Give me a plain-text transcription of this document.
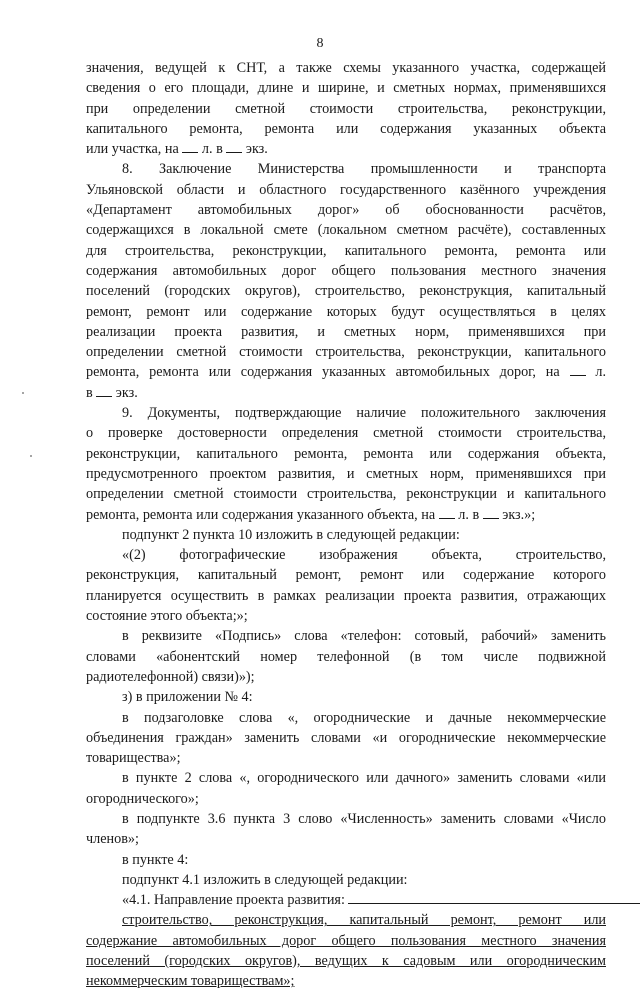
8

значения, ведущей к СНТ, а также схемы указанного участка, содержащей

сведения о его площади, длине и ширине, и сметных нормах, применявшихся

при определении сметной стоимости строительства, реконструкции,

капитального ремонта, ремонта или содержания указанных объекта

или участка, на  л. в экз.

8. Заключение Министерства промышленности и транспорта

Ульяновской области и областного государственного казённого учреждения

«Департамент автомобильных дорог» об обоснованности расчётов,

содержащихся в локальной смете (локальном сметном расчёте), составленных

для строительства, реконструкции, капитального ремонта, ремонта или

содержания автомобильных дорог общего пользования местного значения

поселений (городских округов), строительство, реконструкция, капитальный

ремонт, ремонт или содержание которых будут осуществляться в целях

реализации проекта развития, и сметных норм, применявшихся при

определении сметной стоимости строительства, реконструкции, капитального

ремонта, ремонта или содержания указанных автомобильных дорог, на	л.

в  экз.

9. Документы, подтверждающие наличие положительного заключения

о проверке достоверности определения сметной стоимости строительства,

реконструкции, капитального ремонта, ремонта или содержания объекта,

предусмотренного проектом развития, и сметных норм, применявшихся при

определении сметной стоимости строительства, реконструкции и капитального

ремонта, ремонта или содержания указанного объекта, на  л. в экз.»;

подпункт 2 пункта 10 изложить в следующей редакции:

«(2) фотографические изображения объекта, строительство,

реконструкция, капитальный ремонт, ремонт или содержание которого

планируется осуществить в рамках реализации проекта развития, отражающих

состояние этого объекта;»;

в реквизите «Подпись» слова «телефон: сотовый, рабочий» заменить

словами «абонентский номер телефонной (в том числе подвижной

радиотелефонной) связи)»);

з) в приложении № 4:

в подзаголовке слова «, огороднические и дачные некоммерческие

объединения граждан» заменить словами «и огороднические некоммерческие

товарищества»;

в пункте 2 слова «, огороднического или дачного» заменить словами «или

огороднического»;

в подпункте 3.6 пункта 3 слово «Численность» заменить словами «Число

членов»;

в пункте 4:

подпункт 4.1 изложить в следующей редакции:

«4.1. Направление проекта развития:

строительство, реконструкция, капитальный ремонт, ремонт или

содержание автомобильных дорог общего пользования местного значения

поселений (городских округов), ведущих к садовым или огородническим

некоммерческим товариществам»;
